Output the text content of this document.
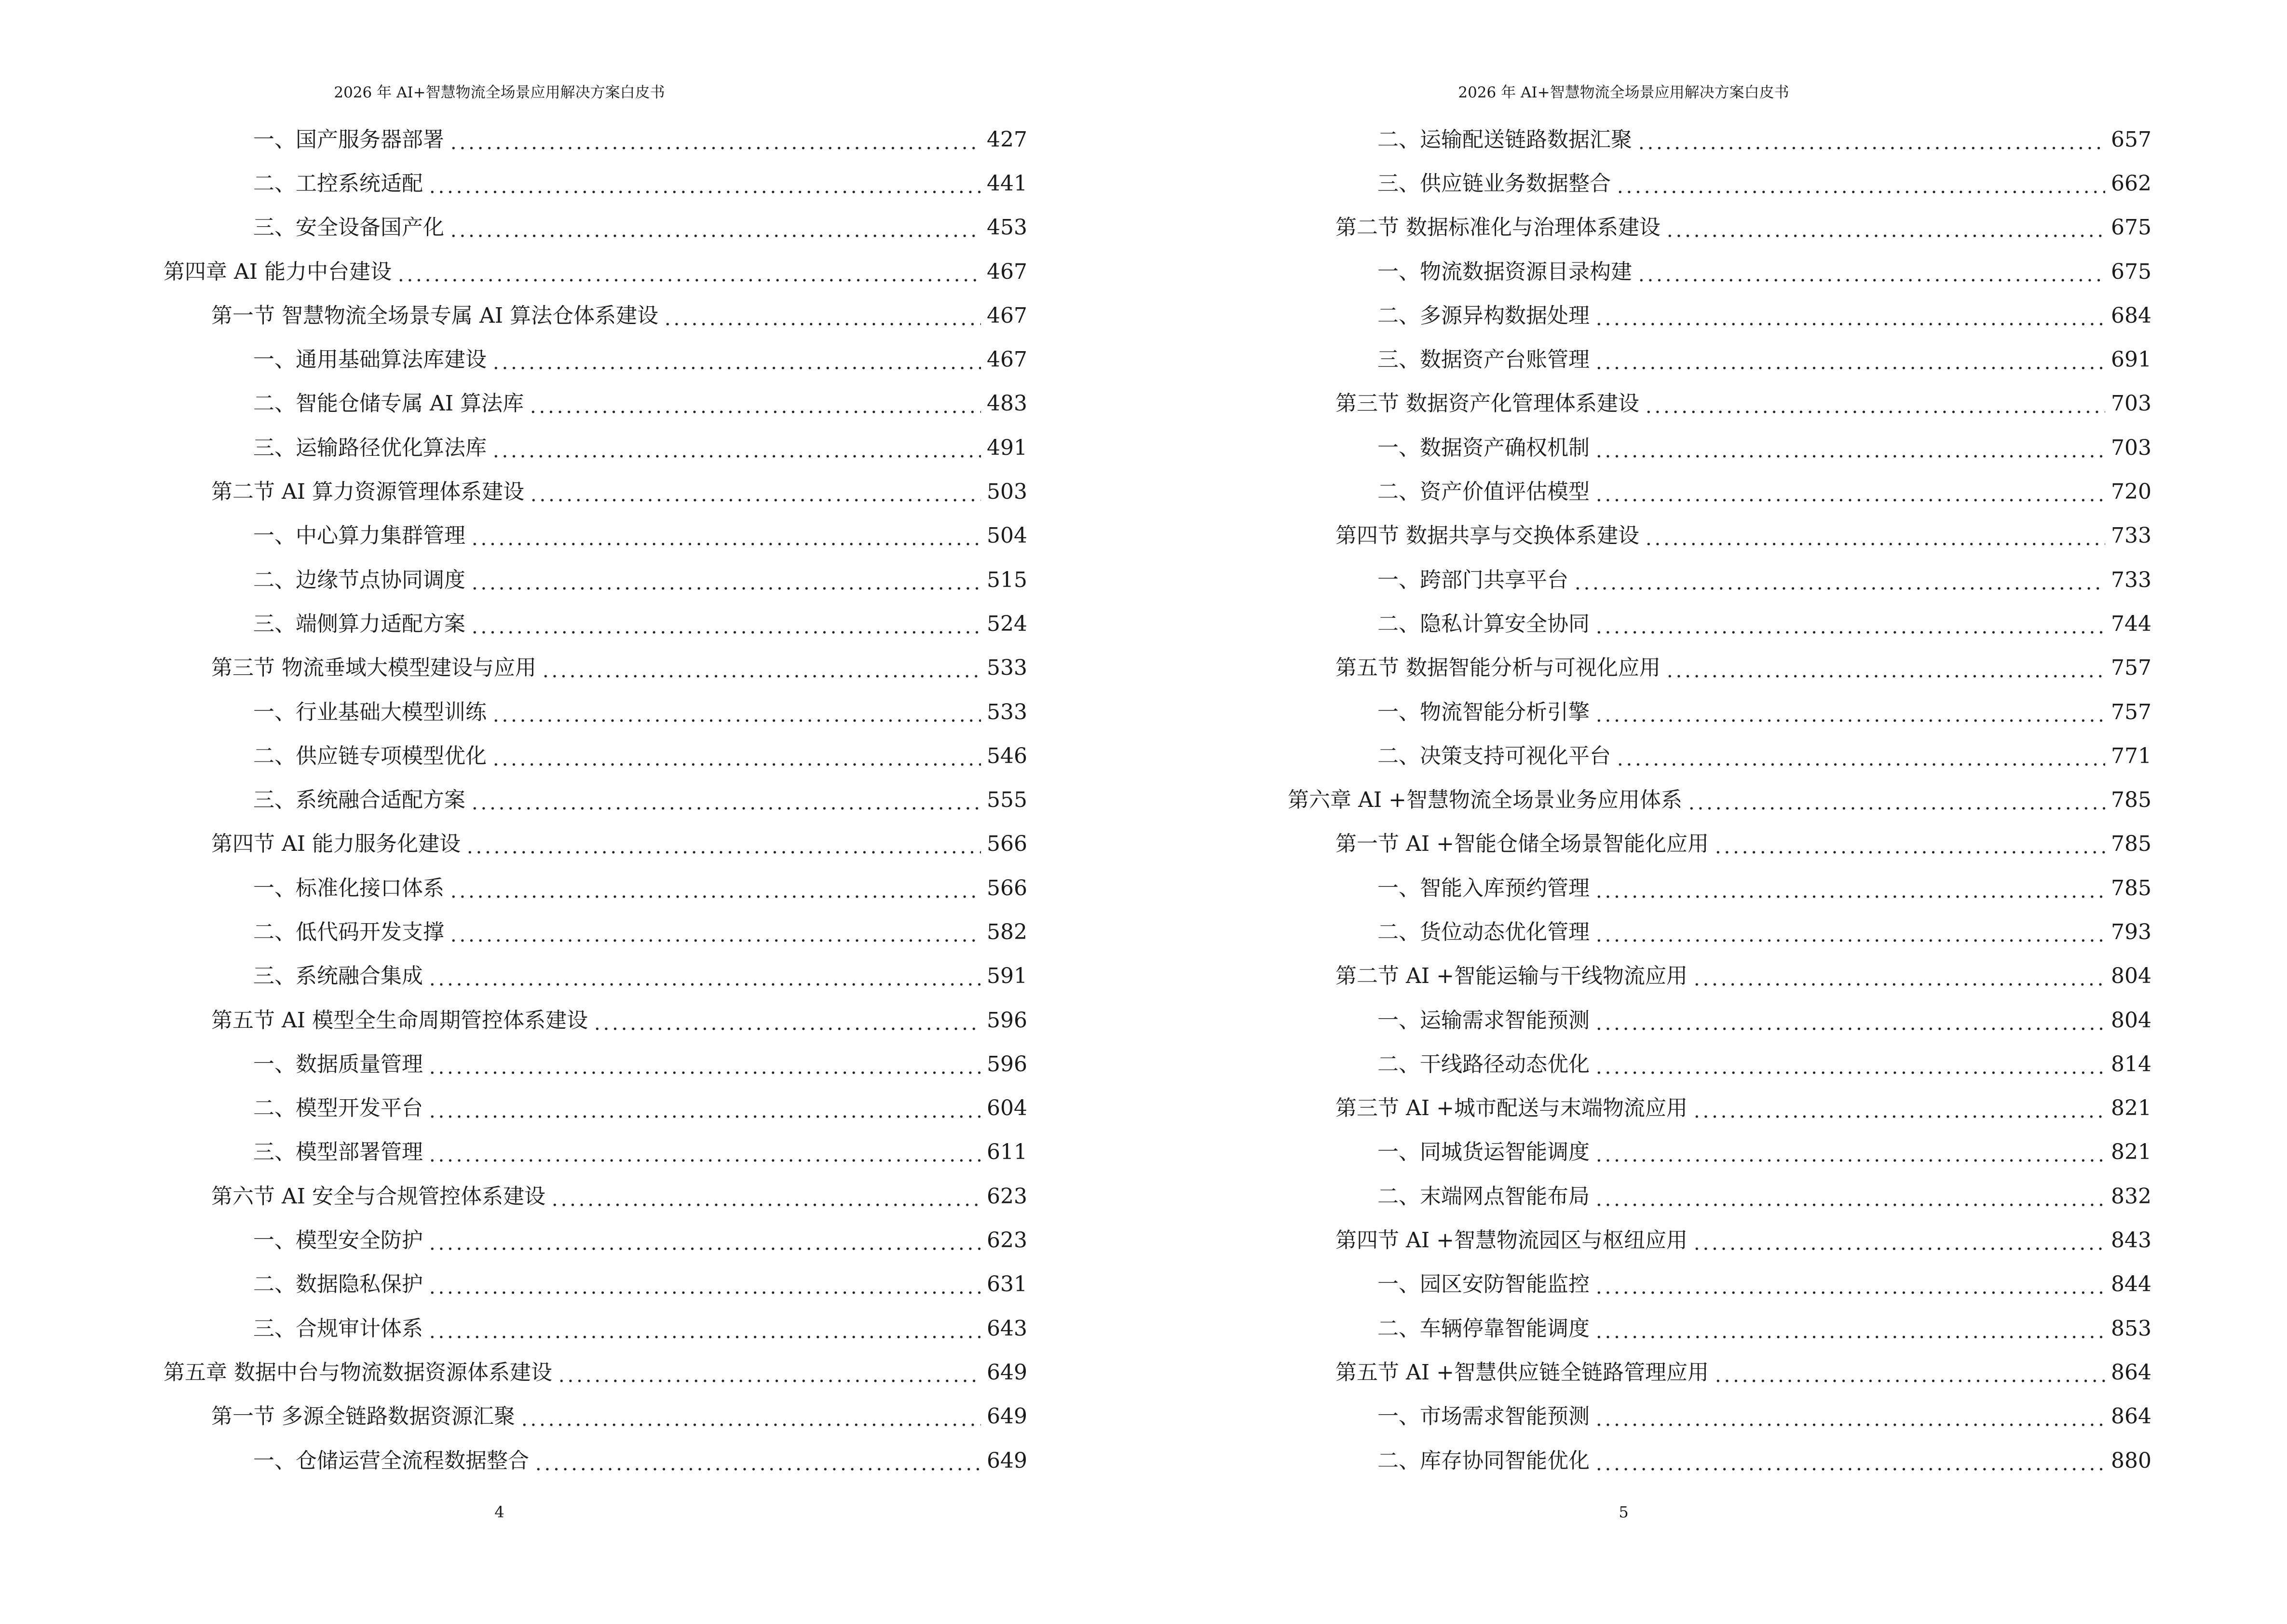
2026 年 AI+智慧物流全场景应用解决方案白皮书
一、国产服务器部署	427
二、工控系统适配	441
三、安全设备国产化	453
第四章 AI 能力中台建设	467
第一节 智慧物流全场景专属 AI 算法仓体系建设	467
一、通用基础算法库建设	467
二、智能仓储专属 AI 算法库	483
三、运输路径优化算法库	491
第二节 AI 算力资源管理体系建设	503
一、中心算力集群管理	504
二、边缘节点协同调度	515
三、端侧算力适配方案	524
第三节 物流垂域大模型建设与应用	533
一、行业基础大模型训练	533
二、供应链专项模型优化	546
三、系统融合适配方案	555
第四节 AI 能力服务化建设	566
一、标准化接口体系	566
二、低代码开发支撑	582
三、系统融合集成	591
第五节 AI 模型全生命周期管控体系建设	596
一、数据质量管理	596
二、模型开发平台	604
三、模型部署管理	611
第六节 AI 安全与合规管控体系建设	623
一、模型安全防护	623
二、数据隐私保护	631
三、合规审计体系	643
第五章 数据中台与物流数据资源体系建设	649
第一节 多源全链路数据资源汇聚	649
一、仓储运营全流程数据整合	649
4
2026 年 AI+智慧物流全场景应用解决方案白皮书
二、运输配送链路数据汇聚	657
三、供应链业务数据整合	662
第二节 数据标准化与治理体系建设	675
一、物流数据资源目录构建	675
二、多源异构数据处理	684
三、数据资产台账管理	691
第三节 数据资产化管理体系建设	703
一、数据资产确权机制	703
二、资产价值评估模型	720
第四节 数据共享与交换体系建设	733
一、跨部门共享平台	733
二、隐私计算安全协同	744
第五节 数据智能分析与可视化应用	757
一、物流智能分析引擎	757
二、决策支持可视化平台	771
第六章 AI +智慧物流全场景业务应用体系	785
第一节 AI +智能仓储全场景智能化应用	785
一、智能入库预约管理	785
二、货位动态优化管理	793
第二节 AI +智能运输与干线物流应用	804
一、运输需求智能预测	804
二、干线路径动态优化	814
第三节 AI +城市配送与末端物流应用	821
一、同城货运智能调度	821
二、末端网点智能布局	832
第四节 AI +智慧物流园区与枢纽应用	843
一、园区安防智能监控	844
二、车辆停靠智能调度	853
第五节 AI +智慧供应链全链路管理应用	864
一、市场需求智能预测	864
二、库存协同智能优化	880
5
